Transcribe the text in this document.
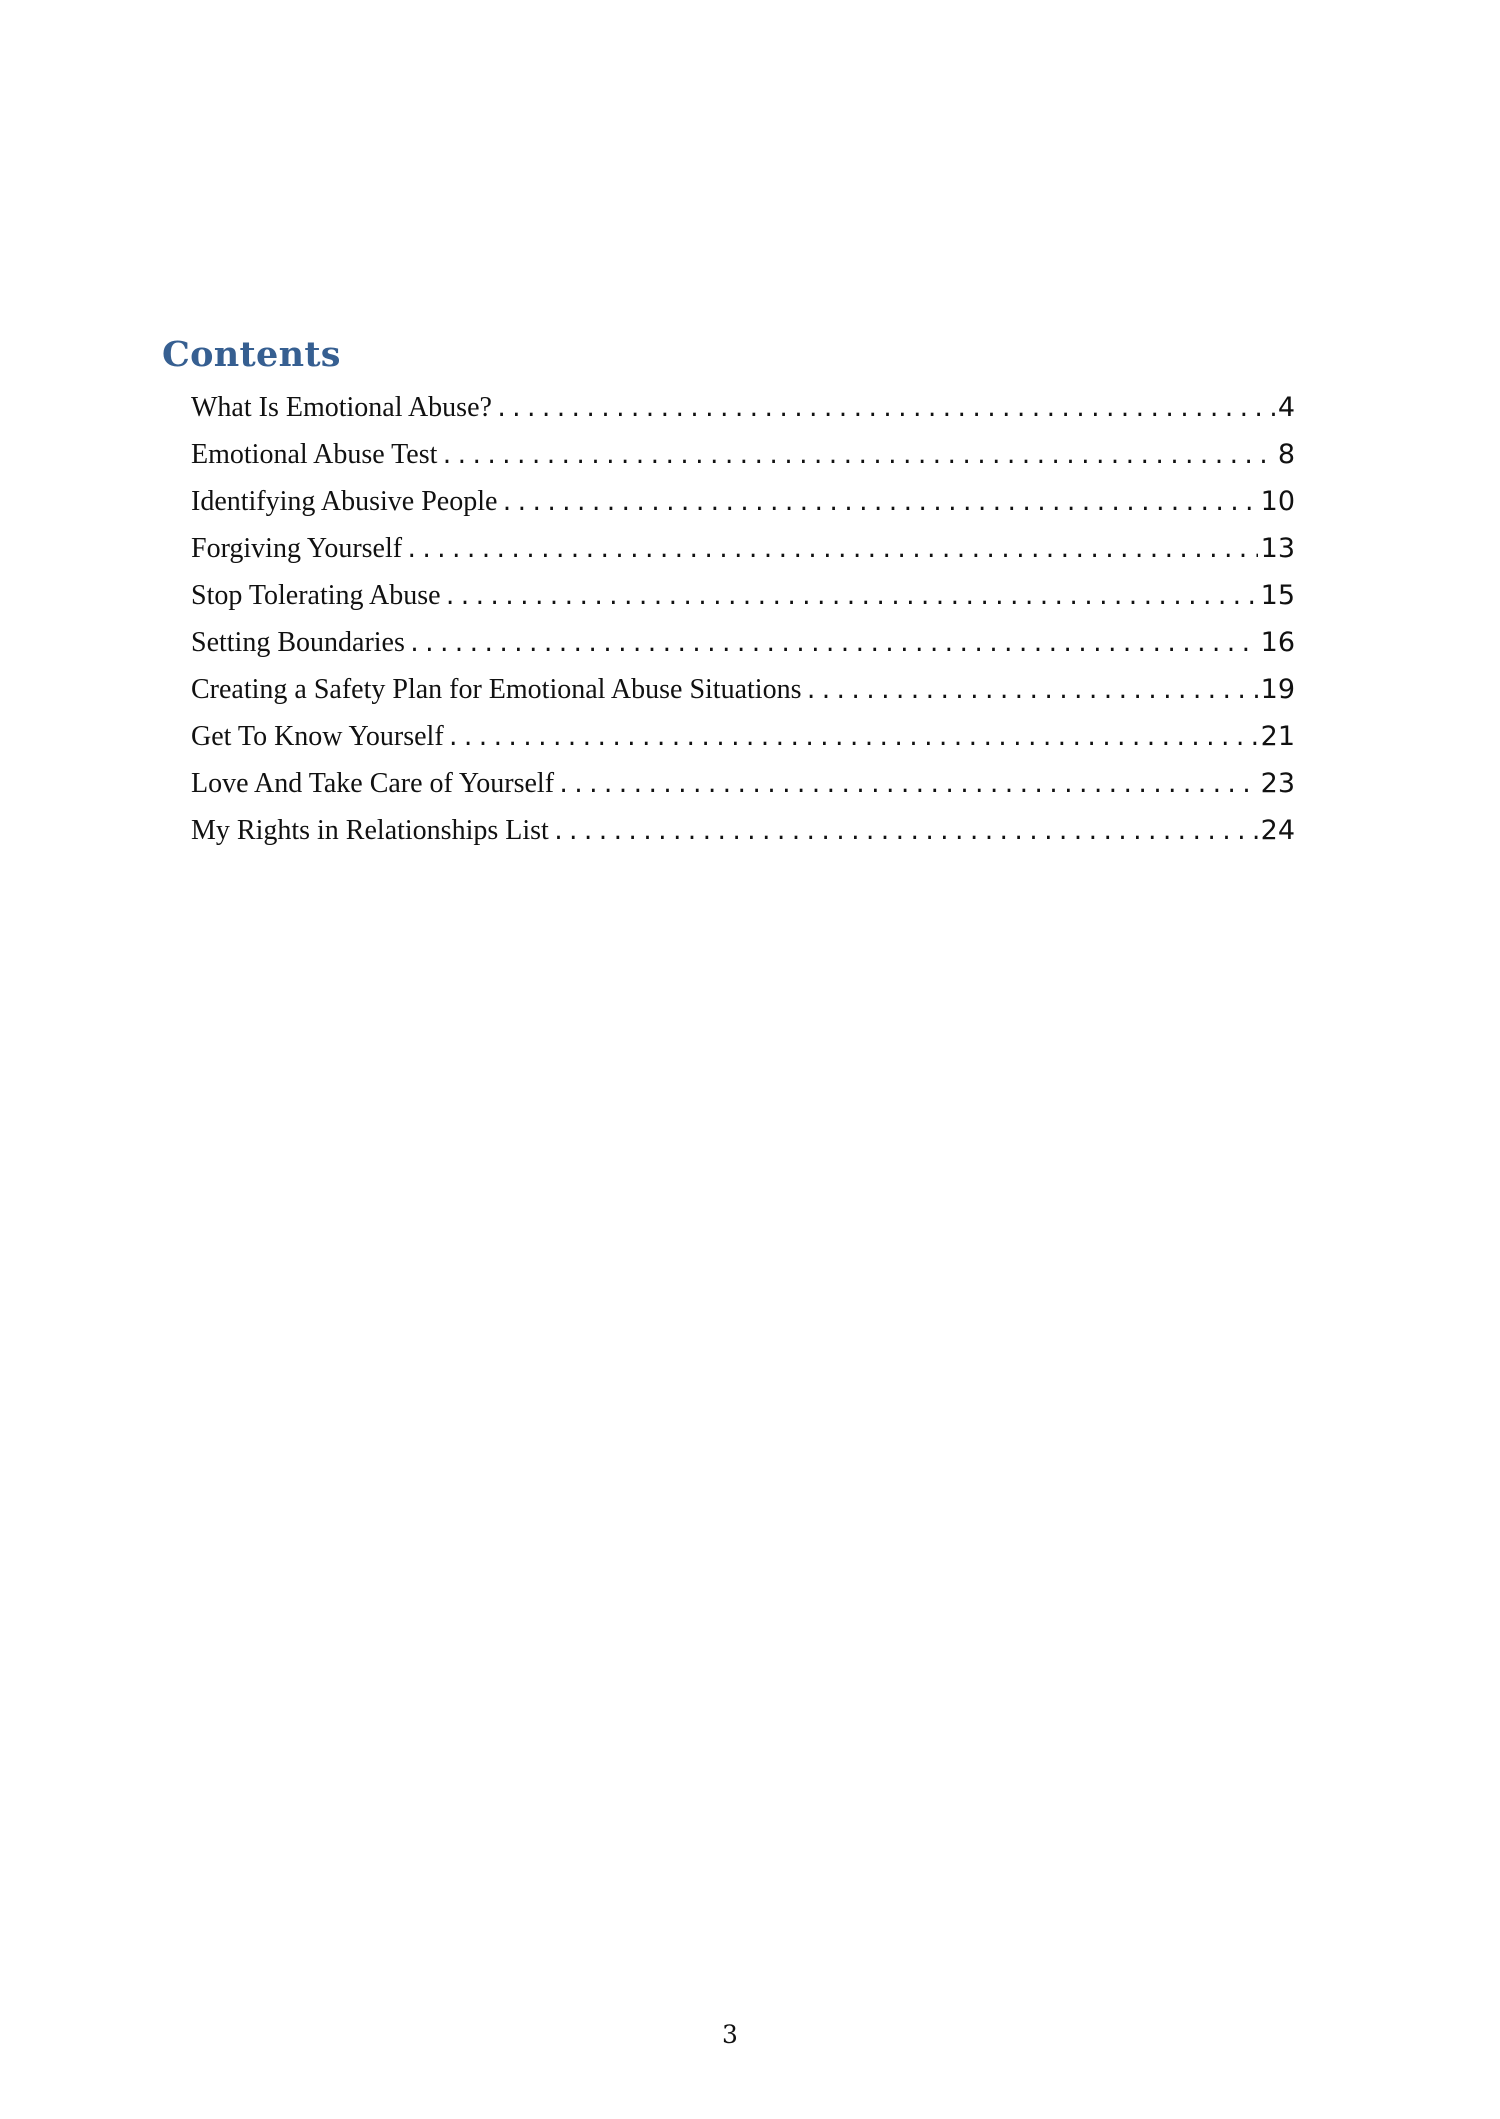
Contents
What Is Emotional Abuse? .....	4
Emotional Abuse Test .....	8
Identifying Abusive People .....	10
Forgiving Yourself .....	13
Stop Tolerating Abuse .....	15
Setting Boundaries .....	16
Creating a Safety Plan for Emotional Abuse Situations .....	19
Get To Know Yourself .....	21
Love And Take Care of Yourself .....	23
My Rights in Relationships List .....	24
3
